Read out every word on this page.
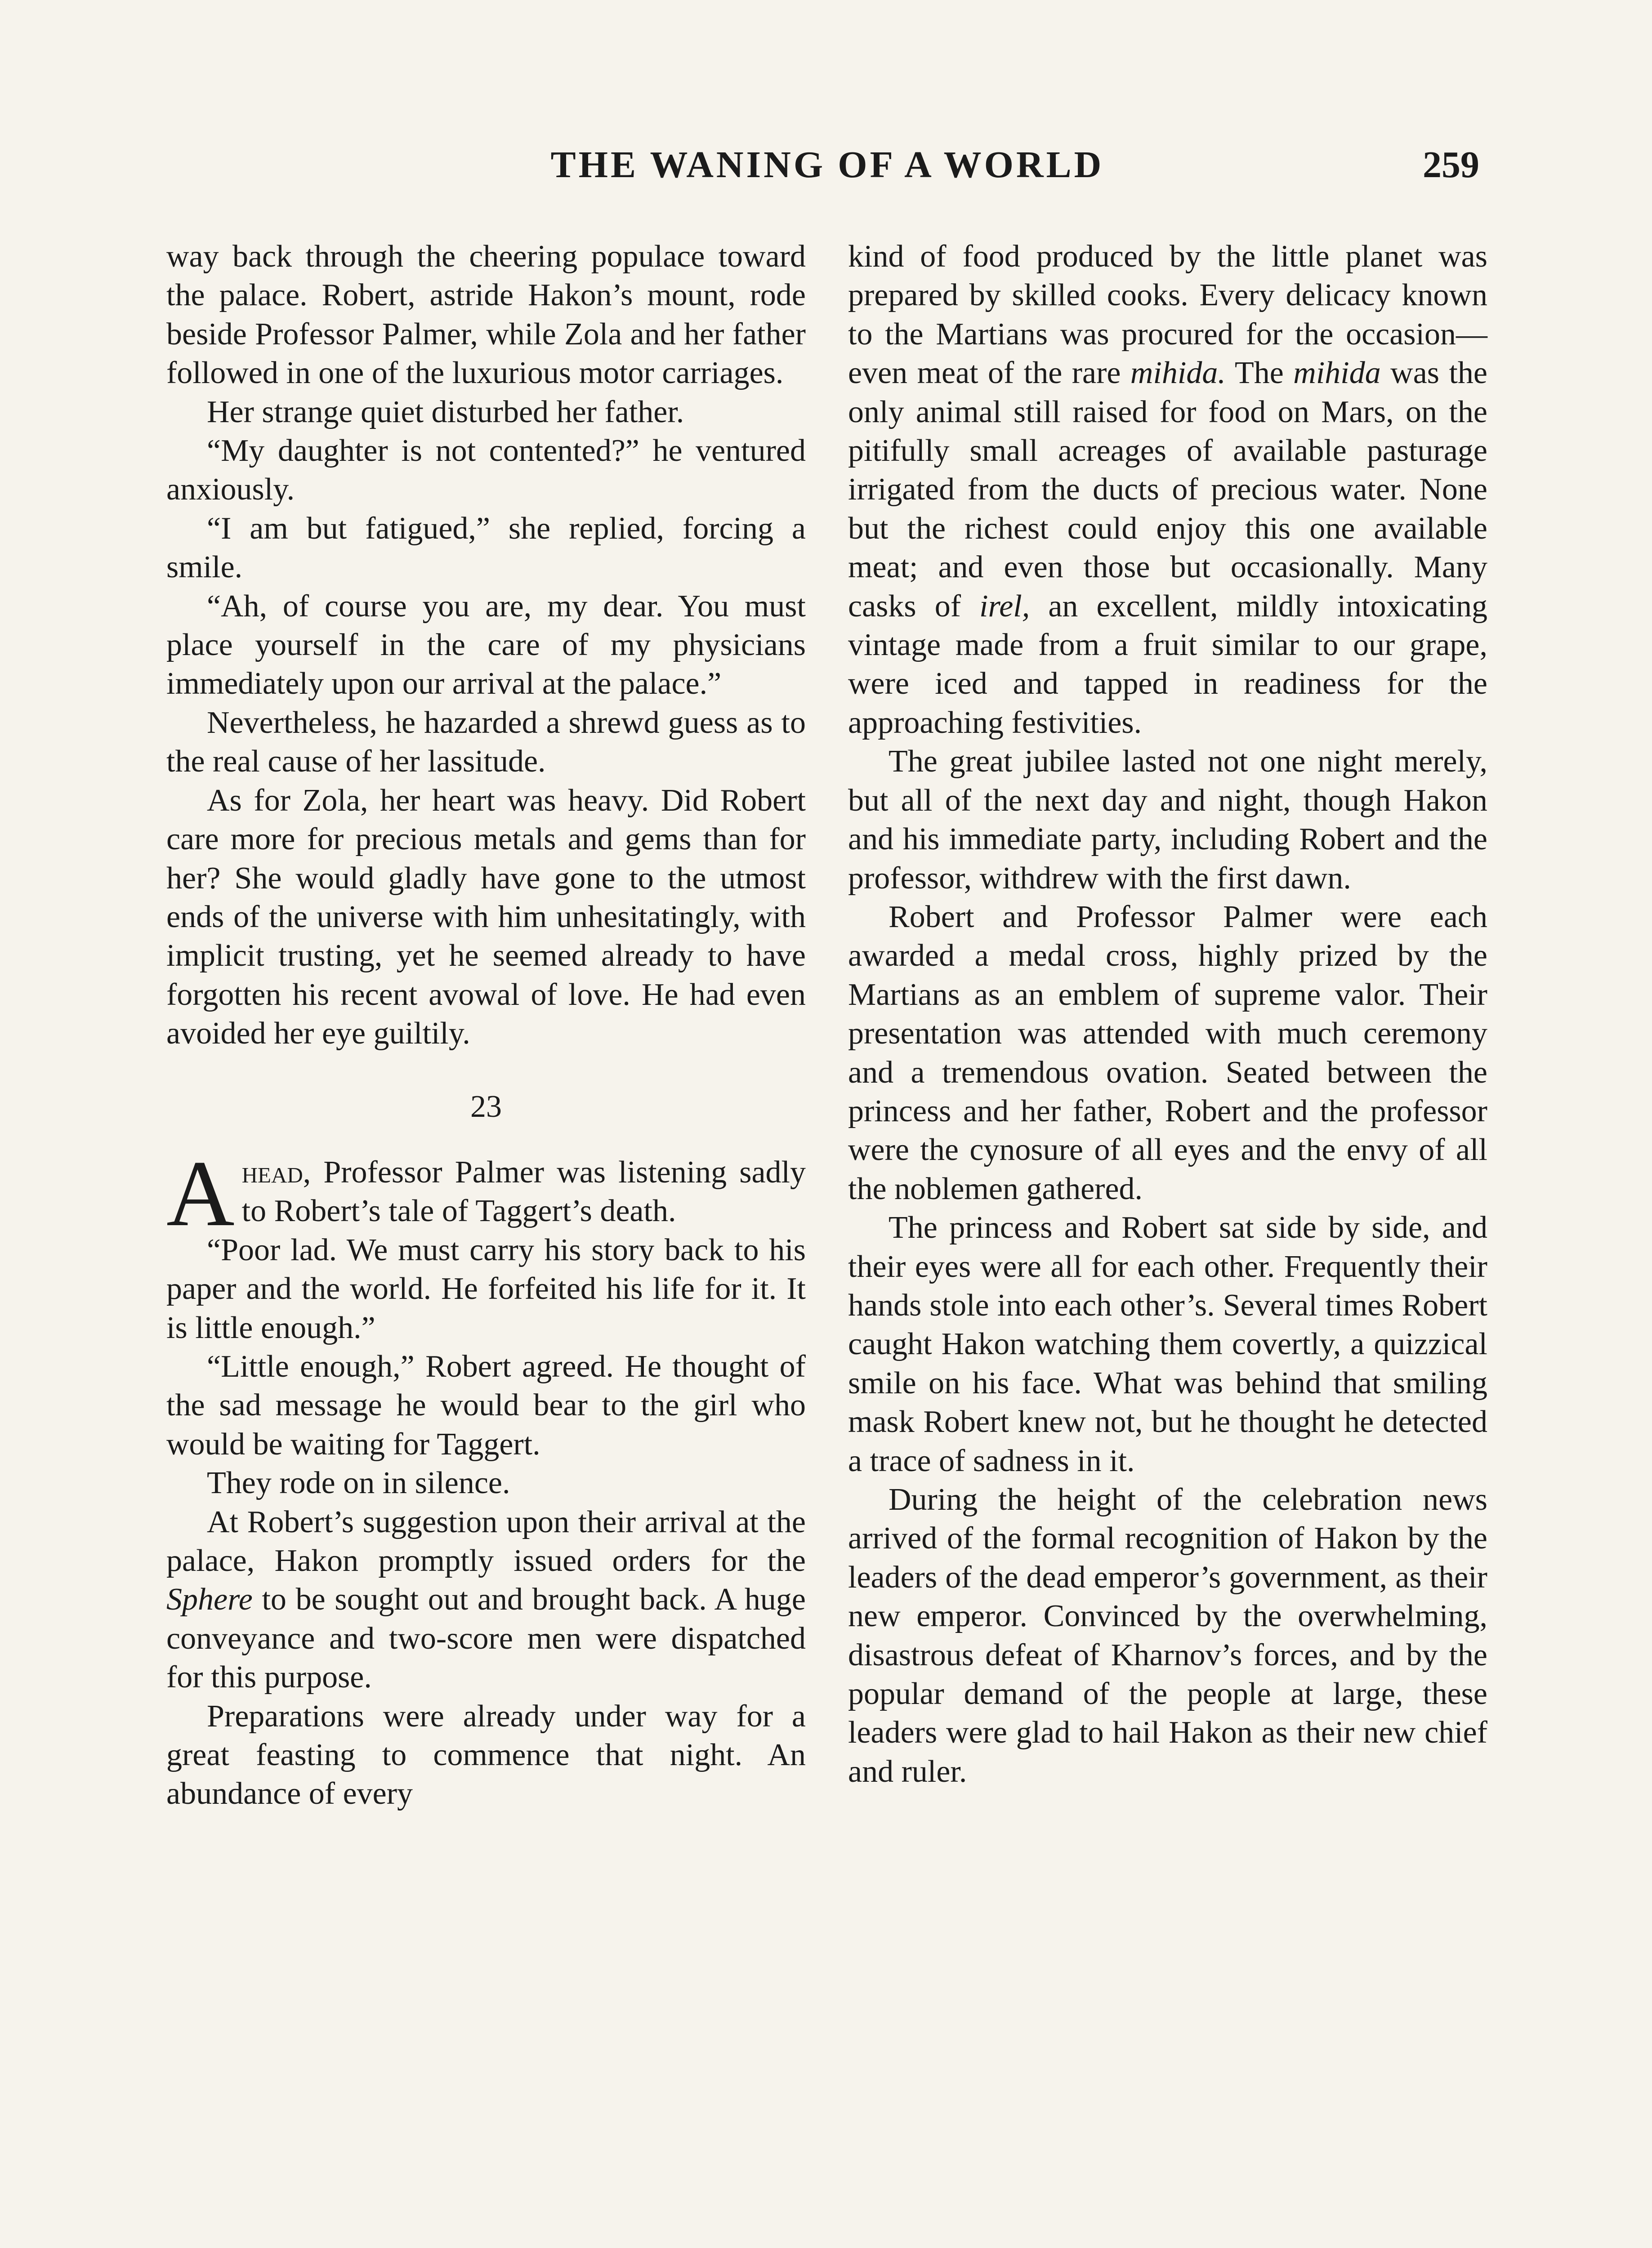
THE WANING OF A WORLD	259

way back through the cheering populace toward the palace. Robert, astride Hakon’s mount, rode beside Professor Palmer, while Zola and her father followed in one of the luxurious motor carriages.

Her strange quiet disturbed her father.

“My daughter is not contented?” he ventured anxiously.

“I am but fatigued,” she replied, forcing a smile.

“Ah, of course you are, my dear. You must place yourself in the care of my physicians immediately upon our arrival at the palace.”

Nevertheless, he hazarded a shrewd guess as to the real cause of her lassitude.

As for Zola, her heart was heavy. Did Robert care more for precious metals and gems than for her? She would gladly have gone to the utmost ends of the universe with him unhesitatingly, with implicit trusting, yet he seemed already to have forgotten his recent avowal of love. He had even avoided her eye guiltily.

23

Ahead, Professor Palmer was listening sadly to Robert’s tale of Taggert’s death.

“Poor lad. We must carry his story back to his paper and the world. He forfeited his life for it. It is little enough.”

“Little enough,” Robert agreed. He thought of the sad message he would bear to the girl who would be waiting for Taggert.

They rode on in silence.

At Robert’s suggestion upon their arrival at the palace, Hakon promptly issued orders for the Sphere to be sought out and brought back. A huge conveyance and two-score men were dispatched for this purpose.

Preparations were already under way for a great feasting to commence that night. An abundance of every

kind of food produced by the little planet was prepared by skilled cooks. Every delicacy known to the Martians was procured for the occasion—even meat of the rare mihida. The mihida was the only animal still raised for food on Mars, on the pitifully small acreages of available pasturage irrigated from the ducts of precious water. None but the richest could enjoy this one available meat; and even those but occasionally. Many casks of irel, an excellent, mildly intoxicating vintage made from a fruit similar to our grape, were iced and tapped in readiness for the approaching festivities.

The great jubilee lasted not one night merely, but all of the next day and night, though Hakon and his immediate party, including Robert and the professor, withdrew with the first dawn.

Robert and Professor Palmer were each awarded a medal cross, highly prized by the Martians as an emblem of supreme valor. Their presentation was attended with much ceremony and a tremendous ovation. Seated between the princess and her father, Robert and the professor were the cynosure of all eyes and the envy of all the noblemen gathered.

The princess and Robert sat side by side, and their eyes were all for each other. Frequently their hands stole into each other’s. Several times Robert caught Hakon watching them covertly, a quizzical smile on his face. What was behind that smiling mask Robert knew not, but he thought he detected a trace of sadness in it.

During the height of the celebration news arrived of the formal recognition of Hakon by the leaders of the dead emperor’s government, as their new emperor. Convinced by the overwhelming, disastrous defeat of Kharnov’s forces, and by the popular demand of the people at large, these leaders were glad to hail Hakon as their new chief and ruler.
